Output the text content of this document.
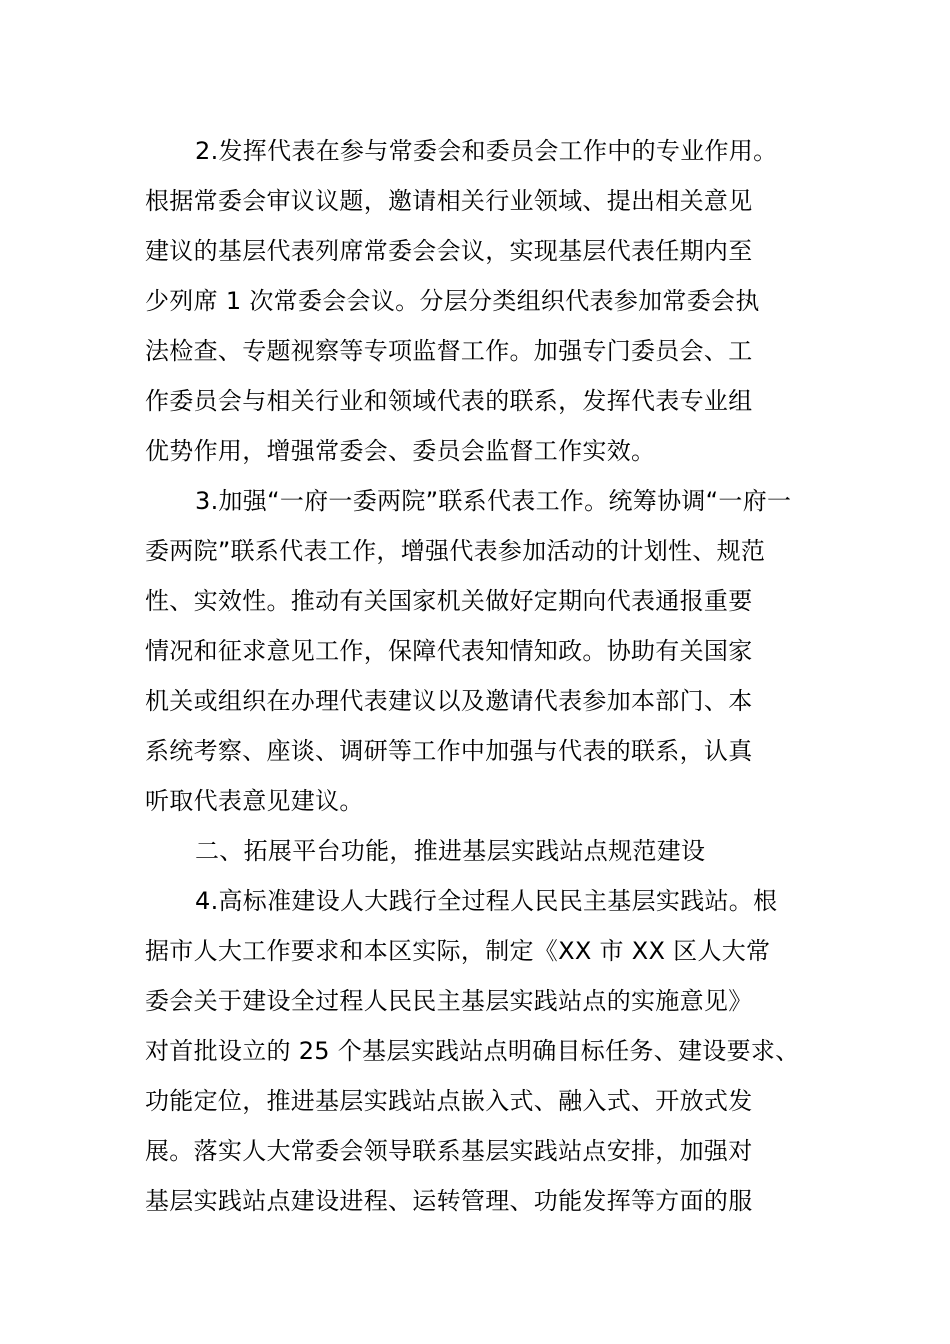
2.发挥代表在参与常委会和委员会工作中的专业作用。
根据常委会审议议题，邀请相关行业领域、提出相关意见
建议的基层代表列席常委会会议，实现基层代表任期内至
少列席 1 次常委会会议。分层分类组织代表参加常委会执
法检查、专题视察等专项监督工作。加强专门委员会、工
作委员会与相关行业和领域代表的联系，发挥代表专业组
优势作用，增强常委会、委员会监督工作实效。
3.加强“一府一委两院”联系代表工作。统筹协调“一府一
委两院”联系代表工作，增强代表参加活动的计划性、规范
性、实效性。推动有关国家机关做好定期向代表通报重要
情况和征求意见工作，保障代表知情知政。协助有关国家
机关或组织在办理代表建议以及邀请代表参加本部门、本
系统考察、座谈、调研等工作中加强与代表的联系，认真
听取代表意见建议。
二、拓展平台功能，推进基层实践站点规范建设
4.高标准建设人大践行全过程人民民主基层实践站。根
据市人大工作要求和本区实际，制定《XX 市 XX 区人大常
委会关于建设全过程人民民主基层实践站点的实施意见》
对首批设立的 25 个基层实践站点明确目标任务、建设要求、
功能定位，推进基层实践站点嵌入式、融入式、开放式发
展。落实人大常委会领导联系基层实践站点安排，加强对
基层实践站点建设进程、运转管理、功能发挥等方面的服
